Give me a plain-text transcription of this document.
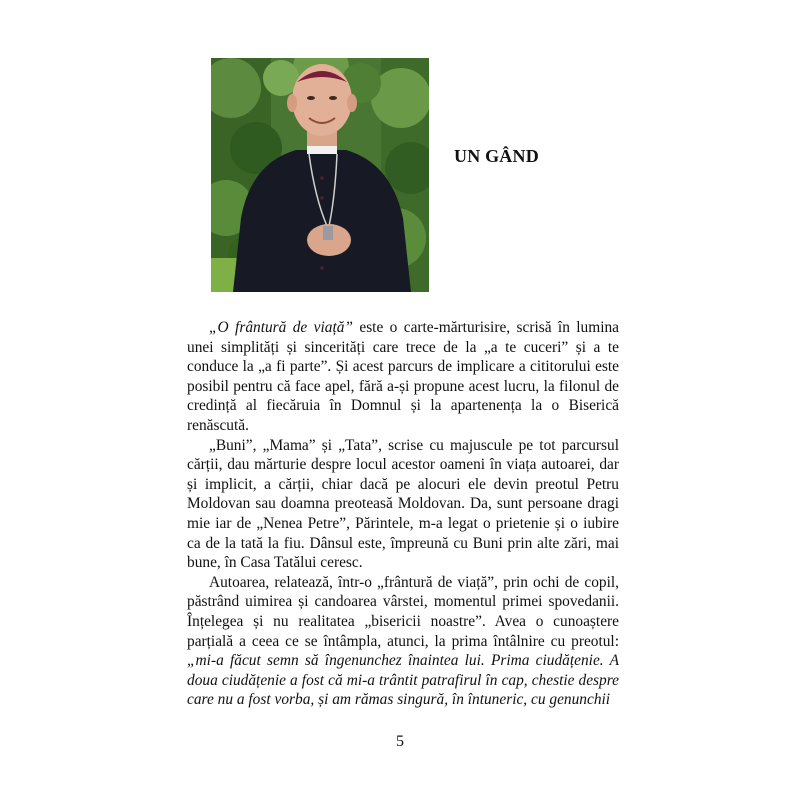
UN GÂND

„O frântură de viață” este o carte-mărturisire, scrisă în lumina unei simplități și sincerități care trece de la „a te cuceri” și a te conduce la „a fi parte”. Și acest parcurs de implicare a cititorului este posibil pentru că face apel, fără a-și propune acest lucru, la filonul de credință al fiecăruia în Domnul și la apartenența la o Biserică renăscută.

„Buni”, „Mama” și „Tata”, scrise cu majuscule pe tot parcursul cărții, dau mărturie despre locul acestor oameni în viața autoarei, dar și implicit, a cărții, chiar dacă pe alocuri ele devin preotul Petru Moldovan sau doamna preoteasă Moldovan. Da, sunt persoane dragi mie iar de „Nenea Petre”, Părintele, m-a legat o prietenie și o iubire ca de la tată la fiu. Dânsul este, împreună cu Buni prin alte zări, mai bune, în Casa Tatălui ceresc.

Autoarea, relatează, într-o „frântură de viață”, prin ochi de copil, păstrând uimirea și candoarea vârstei, momentul primei spovedanii. Înțelegea și nu realitatea „bisericii noastre”. Avea o cunoaștere parțială a ceea ce se întâmpla, atunci, la prima întâlnire cu preotul: „mi-a făcut semn să îngenunchez înaintea lui. Prima ciudățenie. A doua ciudățenie a fost că mi-a trântit patrafirul în cap, chestie despre care nu a fost vorba, și am rămas singură, în întuneric, cu genunchii

5
